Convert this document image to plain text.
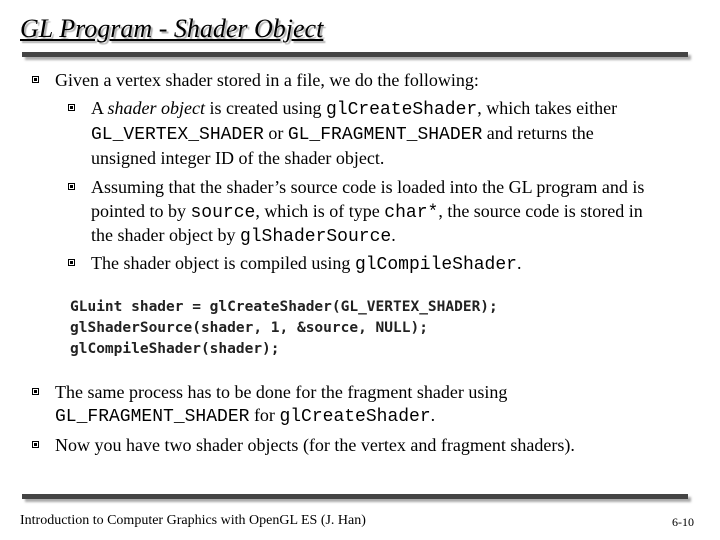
GL Program - Shader Object
Given a vertex shader stored in a file, we do the following:
A shader object is created using glCreateShader, which takes either
GL_VERTEX_SHADER or GL_FRAGMENT_SHADER and returns the
unsigned integer ID of the shader object.
Assuming that the shader’s source code is loaded into the GL program and is
pointed to by source, which is of type char*, the source code is stored in
the shader object by glShaderSource.
The shader object is compiled using glCompileShader.
GLuint shader = glCreateShader(GL_VERTEX_SHADER);
glShaderSource(shader, 1, &source, NULL);
glCompileShader(shader);
The same process has to be done for the fragment shader using
GL_FRAGMENT_SHADER for glCreateShader.
Now you have two shader objects (for the vertex and fragment shaders).
Introduction to Computer Graphics with OpenGL ES (J. Han)	6-10
